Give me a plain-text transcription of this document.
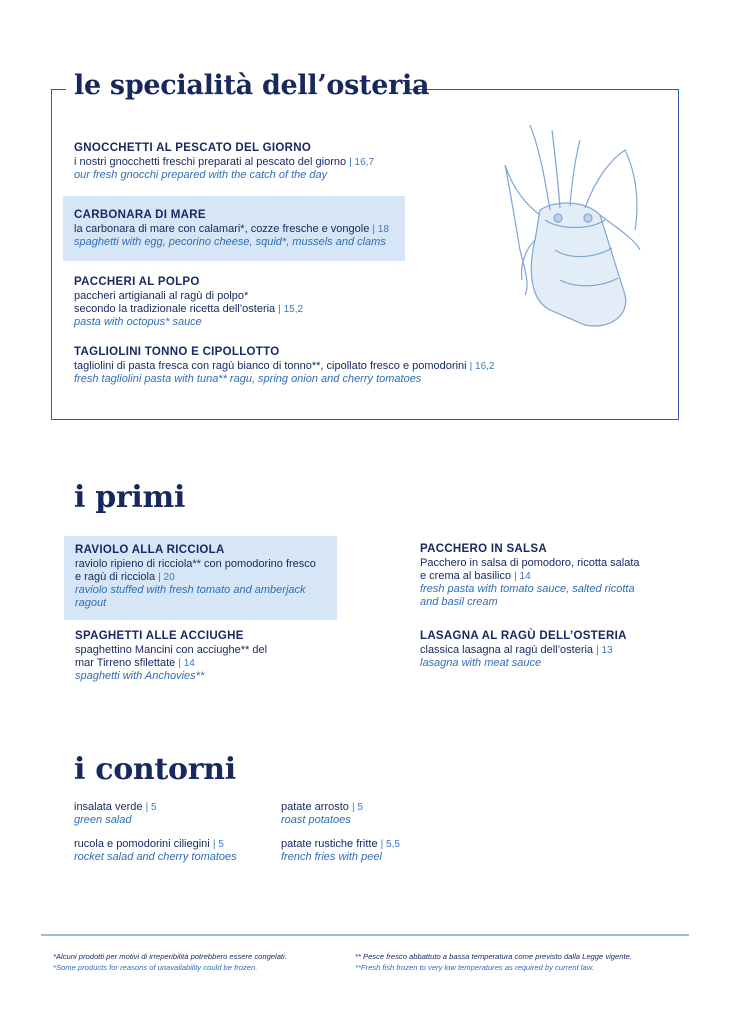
le specialità dell’osteria
GNOCCHETTI AL PESCATO DEL GIORNO
i nostri gnocchetti freschi preparati al pescato del giorno | 16,7
our fresh gnocchi prepared with the catch of the day
CARBONARA DI MARE
la carbonara di mare con calamari*, cozze fresche e vongole | 18
spaghetti with egg, pecorino cheese, squid*, mussels and clams
PACCHERI AL POLPO
paccheri artigianali al ragù di polpo*
secondo la tradizionale ricetta dell’osteria | 15,2
pasta with octopus* sauce
TAGLIOLINI TONNO E CIPOLLOTTO
tagliolini di pasta fresca con ragù bianco di tonno**, cipollato fresco e pomodorini | 16,2
fresh tagliolini pasta with tuna** ragu, spring onion and cherry tomatoes
i primi
RAVIOLO ALLA RICCIOLA
raviolo ripieno di ricciola** con pomodorino fresco
e ragù di ricciola | 20
raviolo stuffed with fresh tomato and amberjack
ragout
PACCHERO IN SALSA
Pacchero in salsa di pomodoro, ricotta salata
e crema al basilico | 14
fresh pasta with tomato sauce, salted ricotta
and basil cream
SPAGHETTI ALLE ACCIUGHE
spaghettino Mancini con acciughe** del
mar Tirreno sfilettate | 14
spaghetti with Anchovies**
LASAGNA AL RAGÙ DELL’OSTERIA
classica lasagna al ragù dell’osteria | 13
lasagna with meat sauce
i contorni
insalata verde | 5
green salad
patate arrosto | 5
roast potatoes
rucola e pomodorini ciliegini | 5
rocket salad and cherry tomatoes
patate rustiche fritte | 5,5
french fries with peel
*Alcuni prodotti per motivi di irreperibilità potrebbero essere congelati.
*Some products for reasons of unavailability could be frozen.
** Pesce fresco abbattuto a bassa temperatura come previsto dalla Legge vigente.
**Fresh fish frozen to very low temperatures as required by current law.
